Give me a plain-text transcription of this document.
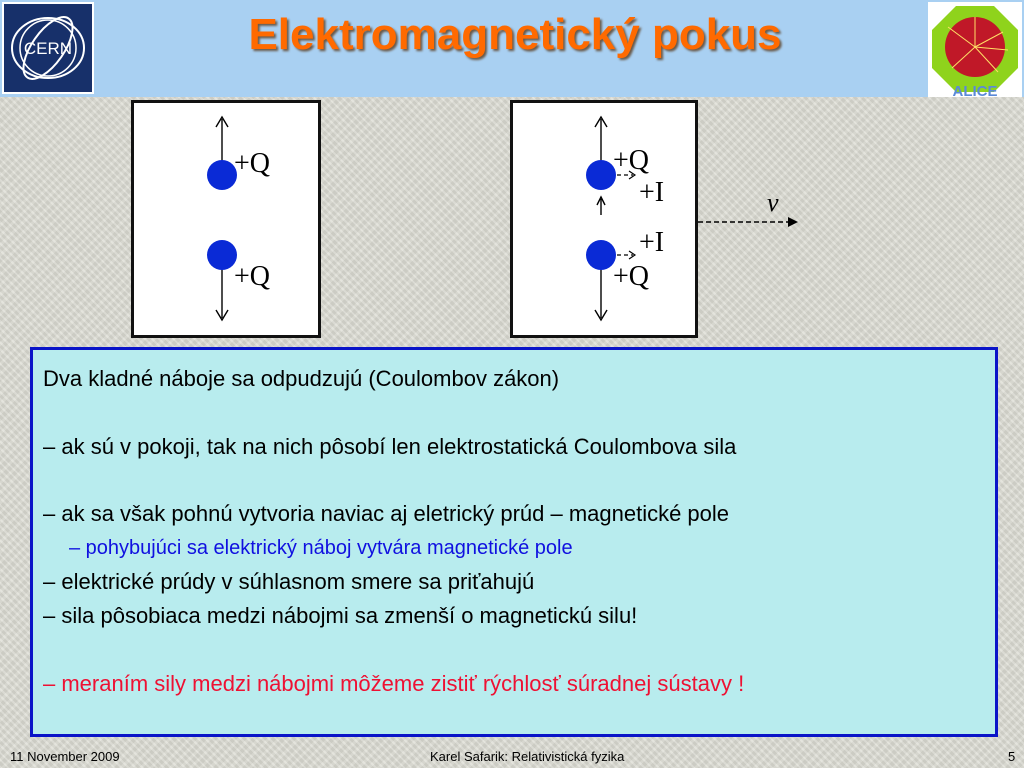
CERN	Elektromagnetický pokus
ALICE
+Q
+Q
+Q
+I
+I
+Q
v
Dva kladné náboje sa odpudzujú (Coulombov zákon)
– ak sú v pokoji, tak na nich pôsobí len elektrostatická Coulombova sila
– ak sa však pohnú vytvoria naviac aj eletrický prúd – magnetické pole
– pohybujúci sa elektrický náboj vytvára magnetické pole
– elektrické prúdy v súhlasnom smere sa priťahujú
– sila pôsobiaca medzi nábojmi sa zmenší o magnetickú silu!
– meraním sily medzi nábojmi môžeme zistiť rýchlosť súradnej sústavy !
11 November 2009	Karel Safarik: Relativistická fyzika	5
